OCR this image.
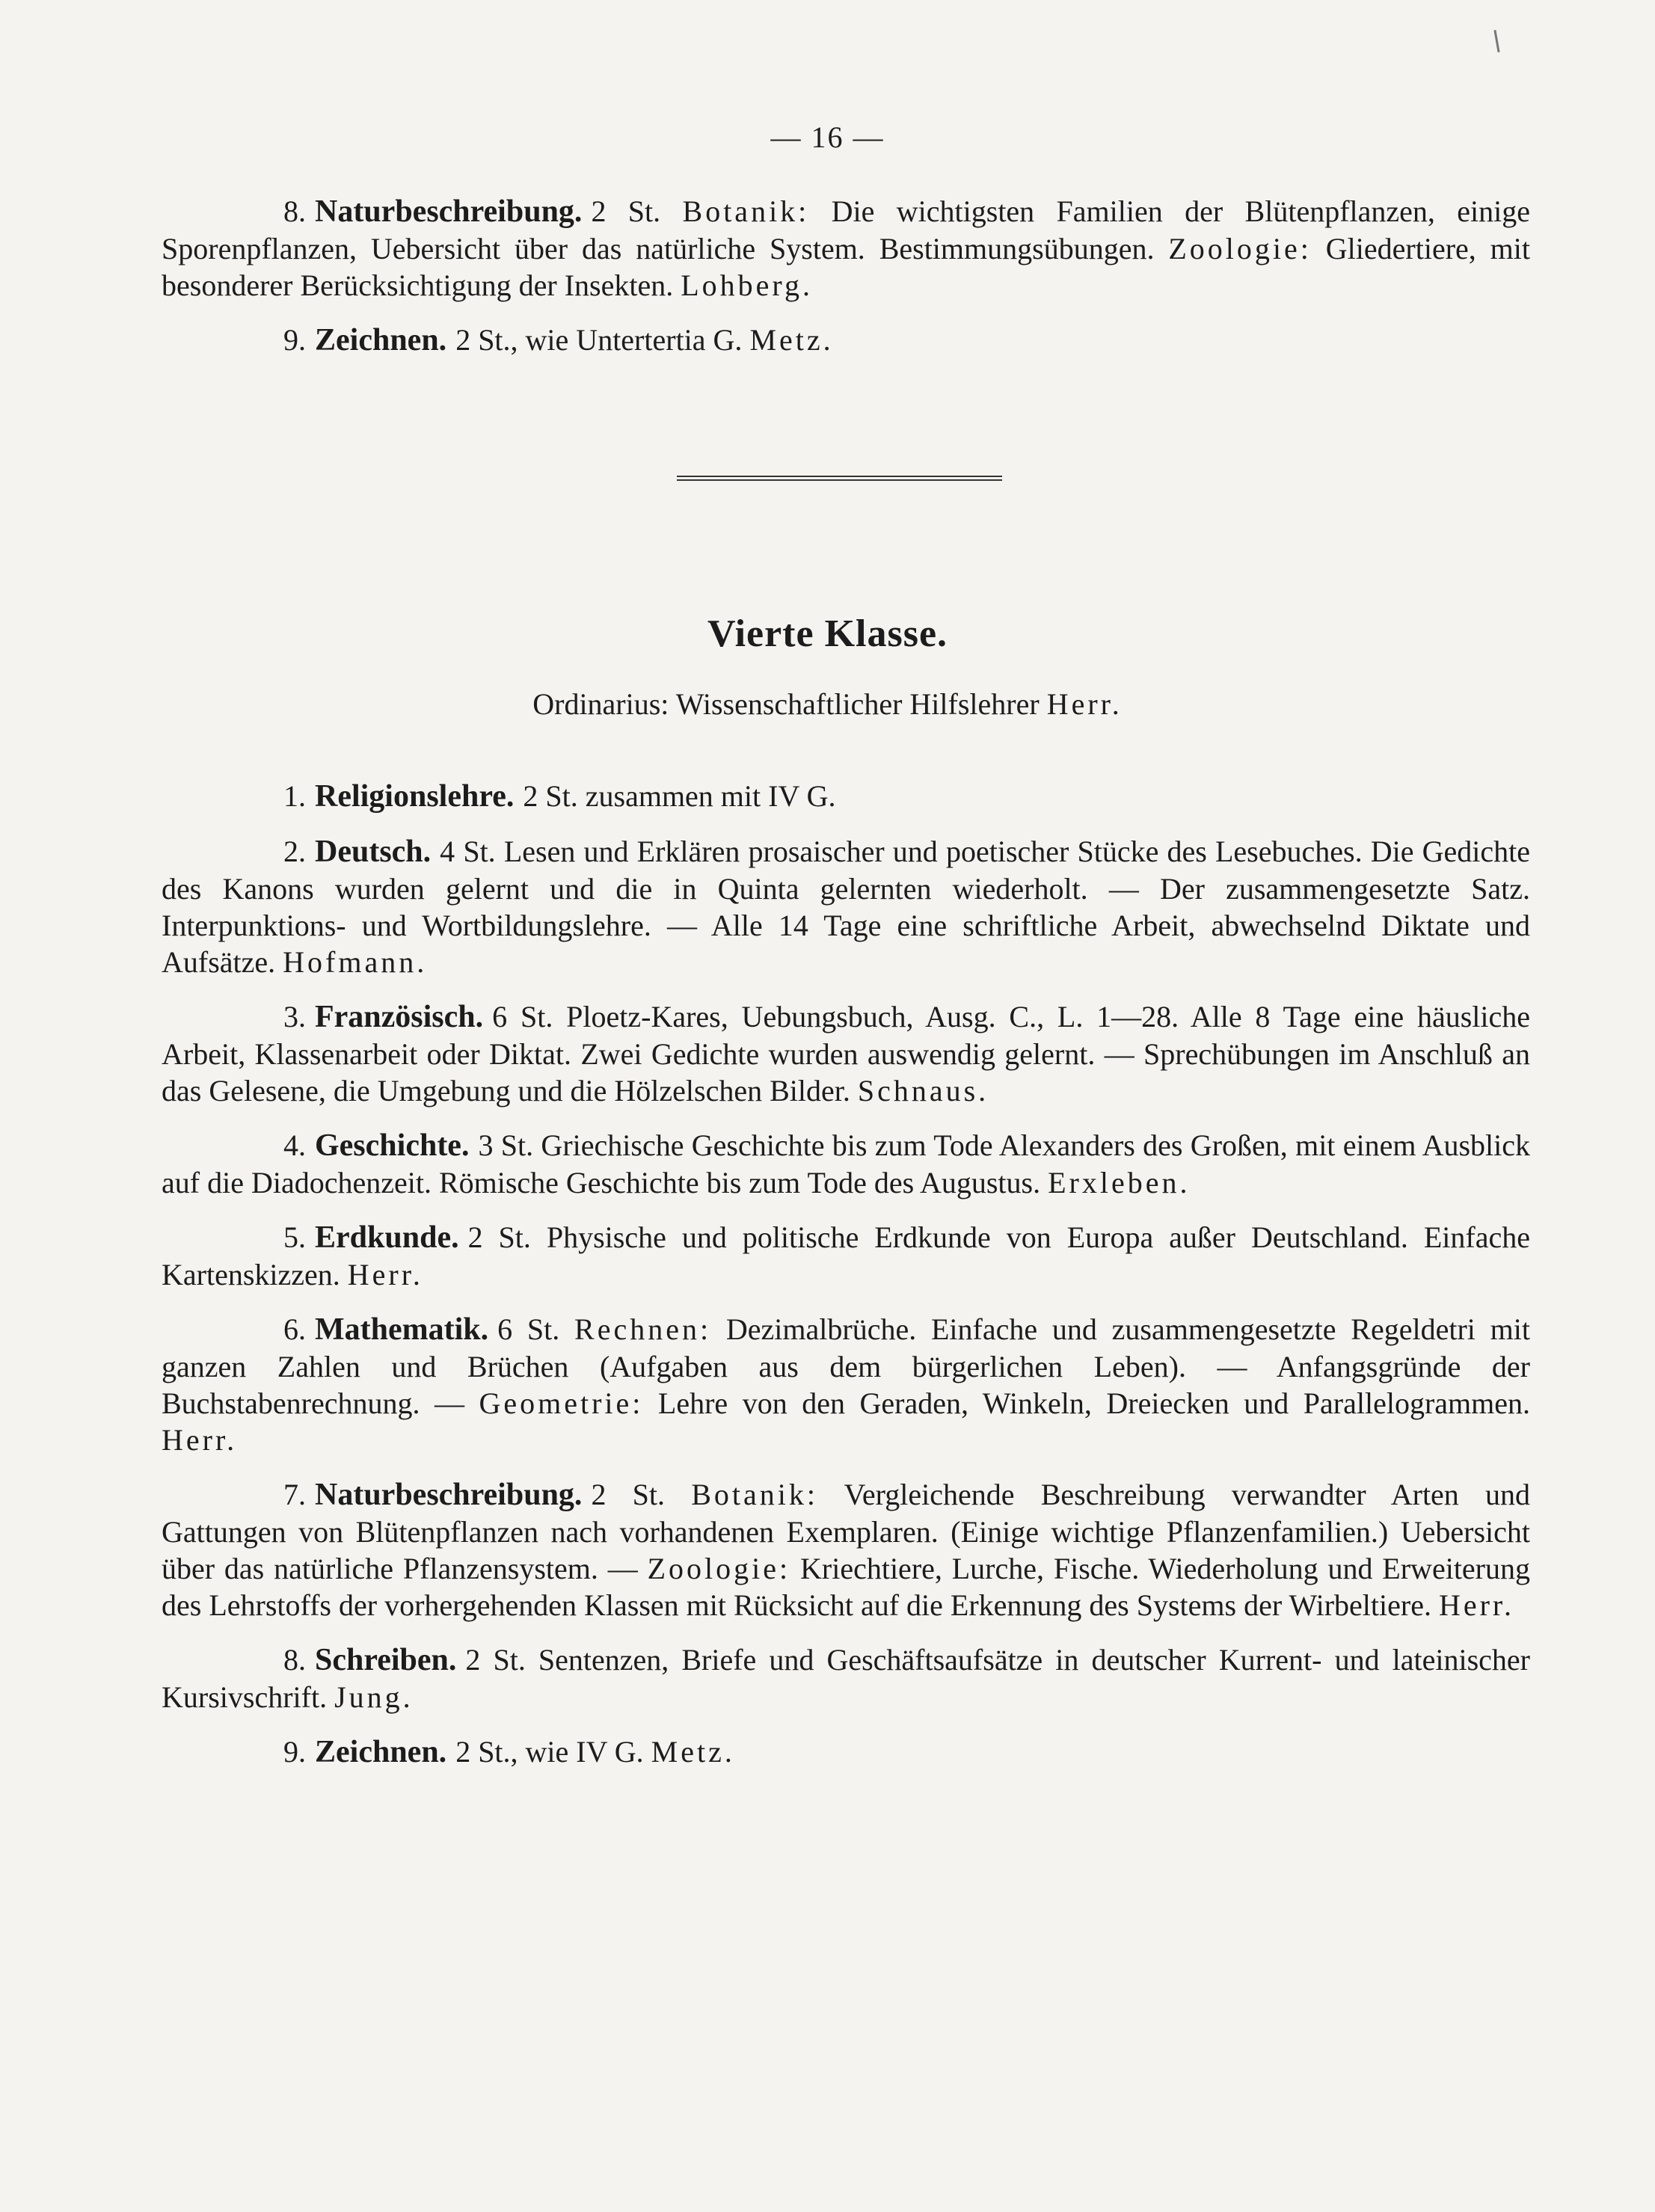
— 16 —

8. Naturbeschreibung. 2 St. Botanik: Die wichtigsten Familien der Blütenpflanzen, einige Sporenpflanzen, Uebersicht über das natürliche System. Bestimmungsübungen. Zoologie: Gliedertiere, mit besonderer Berücksichtigung der Insekten. Lohberg.

9. Zeichnen. 2 St., wie Untertertia G. Metz.

Vierte Klasse.
Ordinarius: Wissenschaftlicher Hilfslehrer Herr.

1. Religionslehre. 2 St. zusammen mit IV G.

2. Deutsch. 4 St. Lesen und Erklären prosaischer und poetischer Stücke des Lesebuches. Die Gedichte des Kanons wurden gelernt und die in Quinta gelernten wiederholt. — Der zusammengesetzte Satz. Interpunktions- und Wortbildungslehre. — Alle 14 Tage eine schriftliche Arbeit, abwechselnd Diktate und Aufsätze. Hofmann.

3. Französisch. 6 St. Ploetz-Kares, Uebungsbuch, Ausg. C., L. 1—28. Alle 8 Tage eine häusliche Arbeit, Klassenarbeit oder Diktat. Zwei Gedichte wurden auswendig gelernt. — Sprechübungen im Anschluß an das Gelesene, die Umgebung und die Hölzelschen Bilder. Schnaus.

4. Geschichte. 3 St. Griechische Geschichte bis zum Tode Alexanders des Großen, mit einem Ausblick auf die Diadochenzeit. Römische Geschichte bis zum Tode des Augustus. Erxleben.

5. Erdkunde. 2 St. Physische und politische Erdkunde von Europa außer Deutschland. Einfache Kartenskizzen. Herr.

6. Mathematik. 6 St. Rechnen: Dezimalbrüche. Einfache und zusammengesetzte Regeldetri mit ganzen Zahlen und Brüchen (Aufgaben aus dem bürgerlichen Leben). — Anfangsgründe der Buchstabenrechnung. — Geometrie: Lehre von den Geraden, Winkeln, Dreiecken und Parallelogrammen. Herr.

7. Naturbeschreibung. 2 St. Botanik: Vergleichende Beschreibung verwandter Arten und Gattungen von Blütenpflanzen nach vorhandenen Exemplaren. (Einige wichtige Pflanzenfamilien.) Uebersicht über das natürliche Pflanzensystem. — Zoologie: Kriechtiere, Lurche, Fische. Wiederholung und Erweiterung des Lehrstoffs der vorhergehenden Klassen mit Rücksicht auf die Erkennung des Systems der Wirbeltiere. Herr.

8. Schreiben. 2 St. Sentenzen, Briefe und Geschäftsaufsätze in deutscher Kurrent- und lateinischer Kursivschrift. Jung.

9. Zeichnen. 2 St., wie IV G. Metz.
